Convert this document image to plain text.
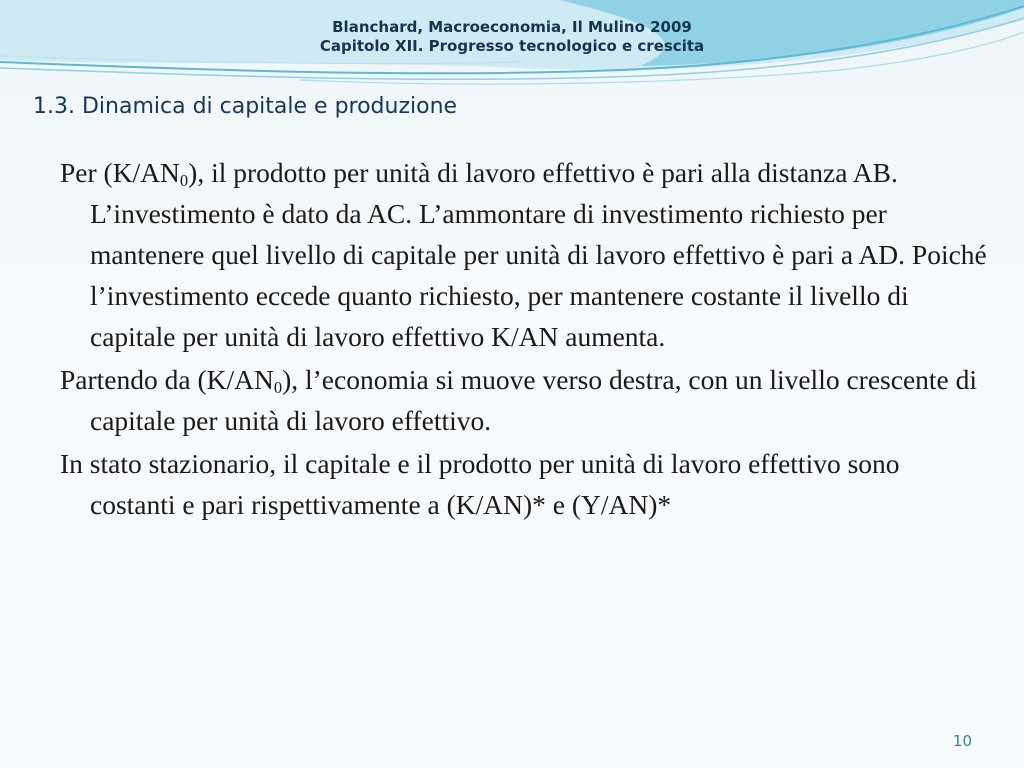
Blanchard, Macroeconomia, Il Mulino 2009
Capitolo XII. Progresso tecnologico e crescita
1.3. Dinamica di capitale e produzione

Per $(K/AN_0)$, il prodotto per unità di lavoro effettivo è pari alla distanza AB. L’investimento è dato da AC. L’ammontare di investimento richiesto per mantenere quel livello di capitale per unità di lavoro effettivo è pari a AD. Poiché l’investimento eccede quanto richiesto, per mantenere costante il livello di capitale per unità di lavoro effettivo K/AN aumenta.

Partendo da $(K/AN_0)$, l’economia si muove verso destra, con un livello crescente di capitale per unità di lavoro effettivo.

In stato stazionario, il capitale e il prodotto per unità di lavoro effettivo sono costanti e pari rispettivamente a (K/AN)* e (Y/AN)*

10
